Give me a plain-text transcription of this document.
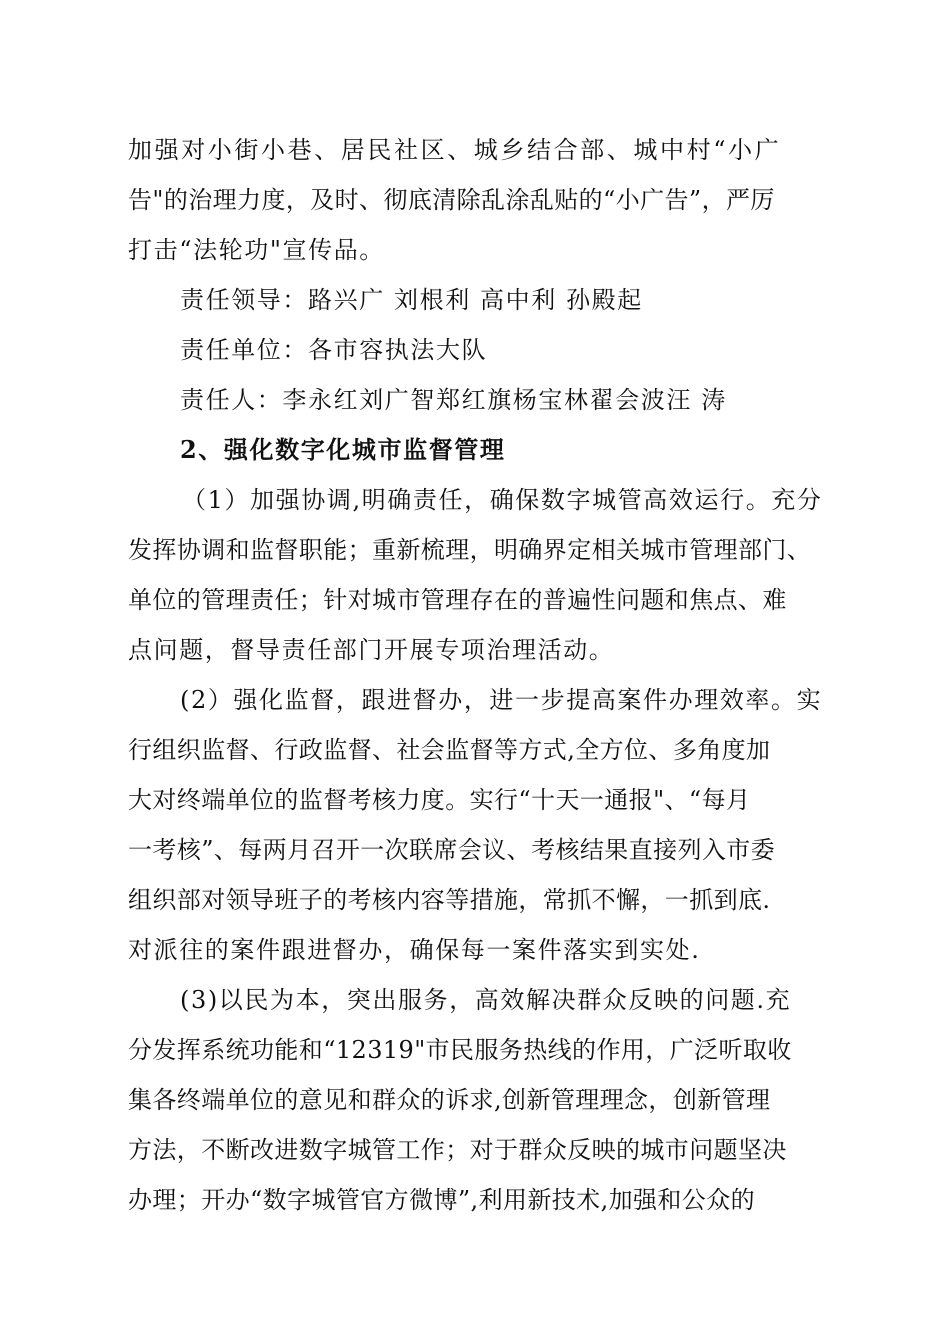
加强对小街小巷、居民社区、城乡结合部、城中村“小广
告"的治理力度，及时、彻底清除乱涂乱贴的“小广告”，严厉
打击“法轮功"宣传品。
责任领导：路兴广 刘根利 高中利 孙殿起
责任单位：各市容执法大队
责任人：李永红刘广智郑红旗杨宝林翟会波汪 涛
2、强化数字化城市监督管理
（1）加强协调,明确责任，确保数字城管高效运行。充分
发挥协调和监督职能；重新梳理，明确界定相关城市管理部门、
单位的管理责任；针对城市管理存在的普遍性问题和焦点、难
点问题，督导责任部门开展专项治理活动。
(2）强化监督，跟进督办，进一步提高案件办理效率。实
行组织监督、行政监督、社会监督等方式,全方位、多角度加
大对终端单位的监督考核力度。实行“十天一通报"、“每月
一考核”、每两月召开一次联席会议、考核结果直接列入市委
组织部对领导班子的考核内容等措施，常抓不懈，一抓到底.
对派往的案件跟进督办，确保每一案件落实到实处.
(3)以民为本，突出服务，高效解决群众反映的问题.充
分发挥系统功能和“12319"市民服务热线的作用，广泛听取收
集各终端单位的意见和群众的诉求,创新管理理念，创新管理
方法，不断改进数字城管工作；对于群众反映的城市问题坚决
办理；开办“数字城管官方微博”,利用新技术,加强和公众的
